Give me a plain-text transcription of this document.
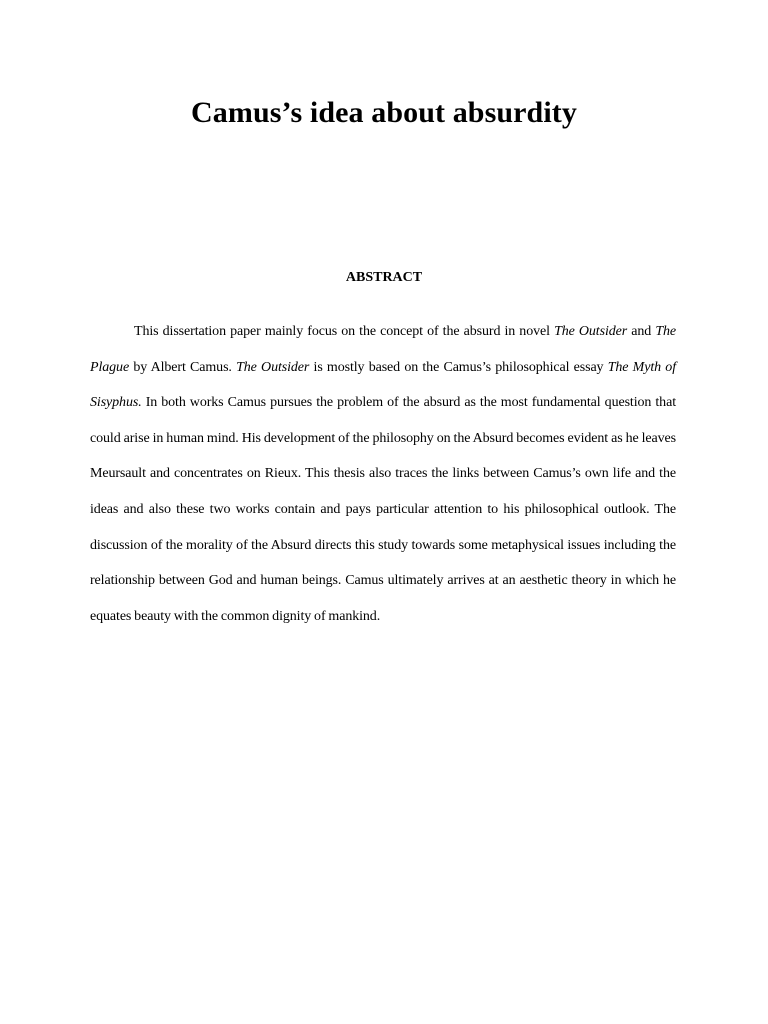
Camus’s idea about absurdity
ABSTRACT

This dissertation paper mainly focus on the concept of the absurd in novel The Outsider and The Plague by Albert Camus. The Outsider is mostly based on the Camus’s philosophical essay The Myth of Sisyphus. In both works Camus pursues the problem of the absurd as the most fundamental question that could arise in human mind. His development of the philosophy on the Absurd becomes evident as he leaves Meursault and concentrates on Rieux. This thesis also traces the links between Camus’s own life and the ideas and also these two works contain and pays particular attention to his philosophical outlook. The discussion of the morality of the Absurd directs this study towards some metaphysical issues including the relationship between God and human beings. Camus ultimately arrives at an aesthetic theory in which he equates beauty with the common dignity of mankind.
